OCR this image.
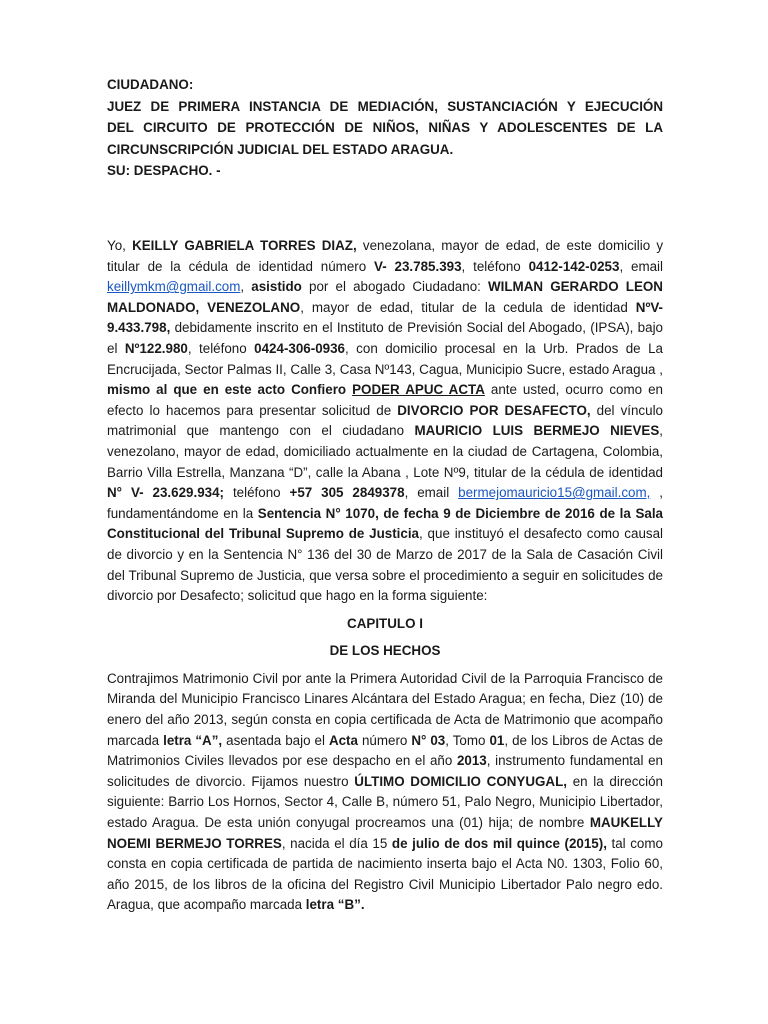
CIUDADANO:
JUEZ DE PRIMERA INSTANCIA DE MEDIACIÓN, SUSTANCIACIÓN Y EJECUCIÓN
DEL CIRCUITO DE PROTECCIÓN DE NIÑOS, NIÑAS Y ADOLESCENTES DE LA
CIRCUNSCRIPCIÓN JUDICIAL DEL ESTADO ARAGUA.
SU: DESPACHO. -

Yo, KEILLY GABRIELA TORRES DIAZ, venezolana, mayor de edad, de este domicilio y titular de la cédula de identidad número V- 23.785.393, teléfono 0412-142-0253, email keillymkm@gmail.com, asistido por el abogado Ciudadano: WILMAN GERARDO LEON MALDONADO, VENEZOLANO, mayor de edad, titular de la cedula de identidad NºV-9.433.798, debidamente inscrito en el Instituto de Previsión Social del Abogado, (IPSA), bajo el Nº122.980, teléfono 0424-306-0936, con domicilio procesal en la Urb. Prados de La Encrucijada, Sector Palmas II, Calle 3, Casa Nº143, Cagua, Municipio Sucre, estado Aragua , mismo al que en este acto Confiero PODER APUC ACTA ante usted, ocurro como en efecto lo hacemos para presentar solicitud de DIVORCIO POR DESAFECTO, del vínculo matrimonial que mantengo con el ciudadano MAURICIO LUIS BERMEJO NIEVES, venezolano, mayor de edad, domiciliado actualmente en la ciudad de Cartagena, Colombia, Barrio Villa Estrella, Manzana “D”, calle la Abana , Lote Nº9, titular de la cédula de identidad N° V- 23.629.934; teléfono +57 305 2849378, email bermejomauricio15@gmail.com, , fundamentándome en la Sentencia N° 1070, de fecha 9 de Diciembre de 2016 de la Sala Constitucional del Tribunal Supremo de Justicia, que instituyó el desafecto como causal de divorcio y en la Sentencia N° 136 del 30 de Marzo de 2017 de la Sala de Casación Civil del Tribunal Supremo de Justicia, que versa sobre el procedimiento a seguir en solicitudes de divorcio por Desafecto; solicitud que hago en la forma siguiente:

CAPITULO I

DE LOS HECHOS

Contrajimos Matrimonio Civil por ante la Primera Autoridad Civil de la Parroquia Francisco de Miranda del Municipio Francisco Linares Alcántara del Estado Aragua; en fecha, Diez (10) de enero del año 2013, según consta en copia certificada de Acta de Matrimonio que acompaño marcada letra “A”, asentada bajo el Acta número N° 03, Tomo 01, de los Libros de Actas de Matrimonios Civiles llevados por ese despacho en el año 2013, instrumento fundamental en solicitudes de divorcio. Fijamos nuestro ÚLTIMO DOMICILIO CONYUGAL, en la dirección siguiente: Barrio Los Hornos, Sector 4, Calle B, número 51, Palo Negro, Municipio Libertador, estado Aragua. De esta unión conyugal procreamos una (01) hija; de nombre MAUKELLY NOEMI BERMEJO TORRES, nacida el día 15 de julio de dos mil quince (2015), tal como consta en copia certificada de partida de nacimiento inserta bajo el Acta N0. 1303, Folio 60, año 2015, de los libros de la oficina del Registro Civil Municipio Libertador Palo negro edo. Aragua, que acompaño marcada letra “B”.
